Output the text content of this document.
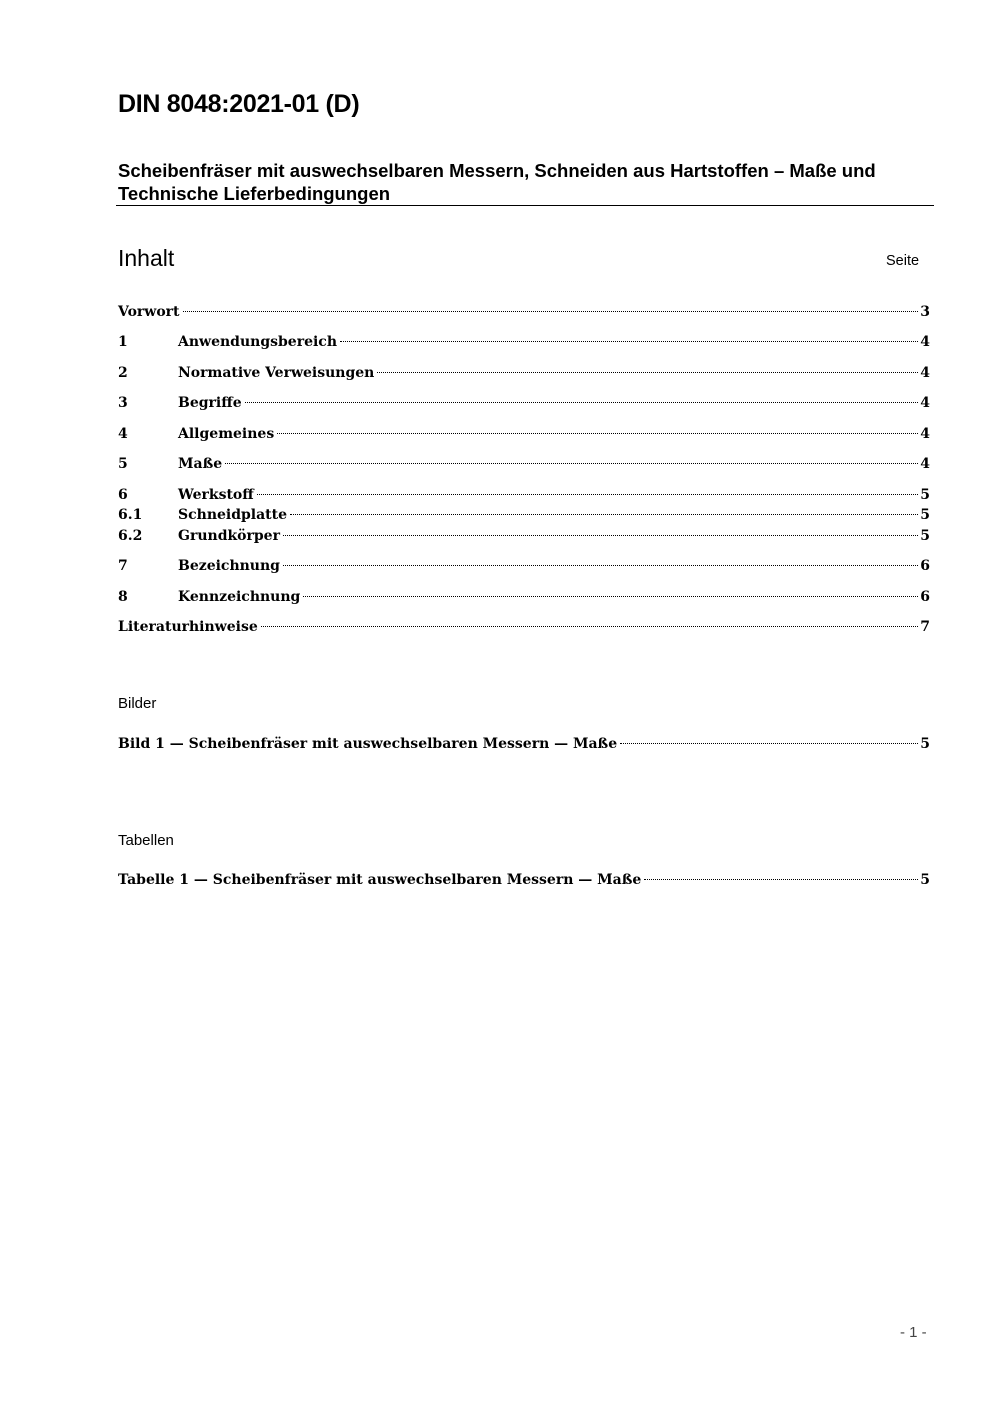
DIN 8048:2021-01 (D)
Scheibenfräser mit auswechselbaren Messern, Schneiden aus Hartstoffen – Maße und Technische Lieferbedingungen
Inhalt	Seite
Vorwort	3
1	Anwendungsbereich	4
2	Normative Verweisungen	4
3	Begriffe	4
4	Allgemeines	4
5	Maße	4
6	Werkstoff	5
6.1	Schneidplatte	5
6.2	Grundkörper	5
7	Bezeichnung	6
8	Kennzeichnung	6
Literaturhinweise	7
Bilder
Bild 1 — Scheibenfräser mit auswechselbaren Messern — Maße	5
Tabellen
Tabelle 1 — Scheibenfräser mit auswechselbaren Messern — Maße	5
- 1 -
